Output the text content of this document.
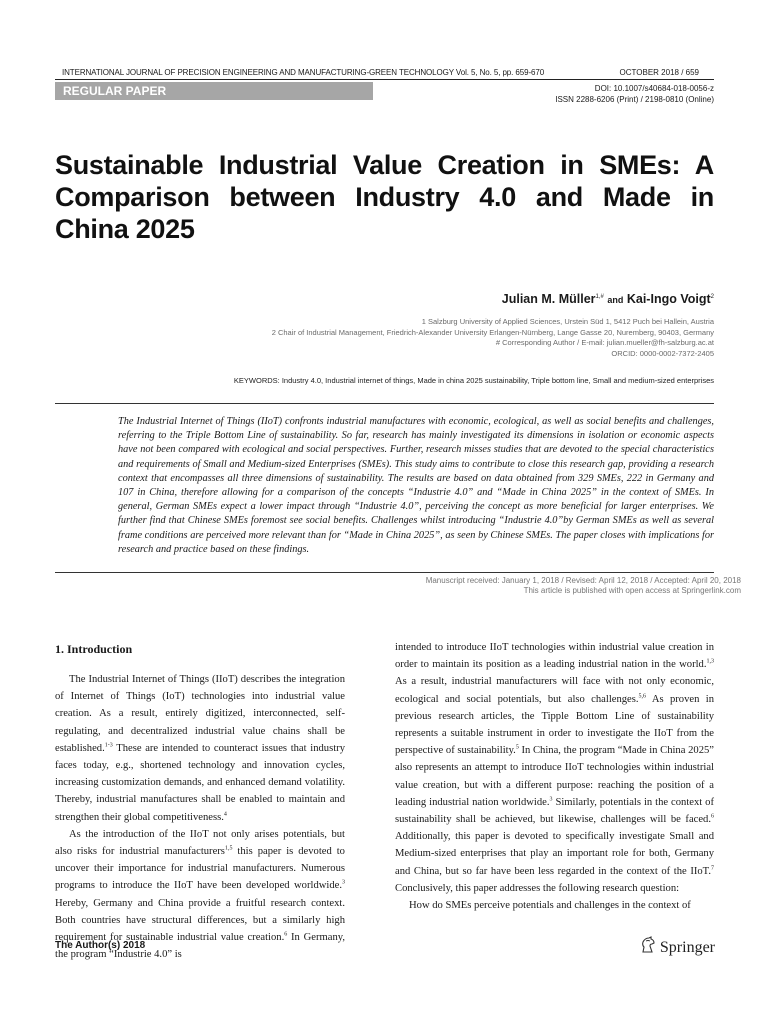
INTERNATIONAL JOURNAL OF PRECISION ENGINEERING AND MANUFACTURING-GREEN TECHNOLOGY Vol. 5, No. 5, pp. 659-670	OCTOBER 2018 / 659
REGULAR PAPER	DOI: 10.1007/s40684-018-0056-z
ISSN 2288-6206 (Print) / 2198-0810 (Online)
Sustainable Industrial Value Creation in SMEs: A Comparison between Industry 4.0 and Made in China 2025
Julian M. Müller$^{1,\#}$ and Kai-Ingo Voigt$^2$
1 Salzburg University of Applied Sciences, Urstein Süd 1, 5412 Puch bei Hallein, Austria
2 Chair of Industrial Management, Friedrich-Alexander University Erlangen-Nürnberg, Lange Gasse 20, Nuremberg, 90403, Germany
# Corresponding Author / E-mail: julian.mueller@fh-salzburg.ac.at
ORCID: 0000-0002-7372-2405
KEYWORDS: Industry 4.0, Industrial internet of things, Made in china 2025 sustainability, Triple bottom line, Small and medium-sized enterprises
The Industrial Internet of Things (IIoT) confronts industrial manufactures with economic, ecological, as well as social benefits and challenges, referring to the Triple Bottom Line of sustainability. So far, research has mainly investigated its dimensions in isolation or economic aspects have not been compared with ecological and social perspectives. Further, research misses studies that are devoted to the special characteristics and requirements of Small and Medium-sized Enterprises (SMEs). This study aims to contribute to close this research gap, providing a research context that encompasses all three dimensions of sustainability. The results are based on data obtained from 329 SMEs, 222 in Germany and 107 in China, therefore allowing for a comparison of the concepts “Industrie 4.0” and “Made in China 2025” in the context of SMEs. In general, German SMEs expect a lower impact through “Industrie 4.0”, perceiving the concept as more beneficial for larger enterprises. We further find that Chinese SMEs foremost see social benefits. Challenges whilst introducing “Industrie 4.0”by German SMEs as well as several frame conditions are perceived more relevant than for “Made in China 2025”, as seen by Chinese SMEs. The paper closes with implications for research and practice based on these findings.
Manuscript received: January 1, 2018 / Revised: April 12, 2018 / Accepted: April 20, 2018
This article is published with open access at Springerlink.com
1. Introduction

The Industrial Internet of Things (IIoT) describes the integration of Internet of Things (IoT) technologies into industrial value creation. As a result, entirely digitized, interconnected, self-regulating, and decentralized industrial value chains shall be established.$^{1-3}$ These are intended to counteract issues that industry faces today, e.g., shortened technology and innovation cycles, increasing customization demands, and enhanced demand volatility. Thereby, industrial manufactures shall be enabled to maintain and strengthen their global competitiveness.$^4$

As the introduction of the IIoT not only arises potentials, but also risks for industrial manufacturers$^{1,5}$ this paper is devoted to uncover their importance for industrial manufacturers. Numerous programs to introduce the IIoT have been developed worldwide.$^3$ Hereby, Germany and China provide a fruitful research context. Both countries have structural differences, but a similarly high requirement for sustainable industrial value creation.$^6$ In Germany, the program “Industrie 4.0” is

intended to introduce IIoT technologies within industrial value creation in order to maintain its position as a leading industrial nation in the world.$^{1,3}$ As a result, industrial manufacturers will face with not only economic, ecological and social potentials, but also challenges.$^{5,6}$ As proven in previous research articles, the Tipple Bottom Line of sustainability represents a suitable instrument in order to investigate the IIoT from the perspective of sustainability.$^5$ In China, the program “Made in China 2025” also represents an attempt to introduce IIoT technologies within industrial value creation, but with a different purpose: reaching the position of a leading industrial nation worldwide.$^3$ Similarly, potentials in the context of sustainability shall be achieved, but likewise, challenges will be faced.$^6$ Additionally, this paper is devoted to specifically investigate Small and Medium-sized enterprises that play an important role for both, Germany and China, but so far have been less regarded in the context of the IIoT.$^7$ Conclusively, this paper addresses the following research question:

How do SMEs perceive potentials and challenges in the context of

The Author(s) 2018	Springer
